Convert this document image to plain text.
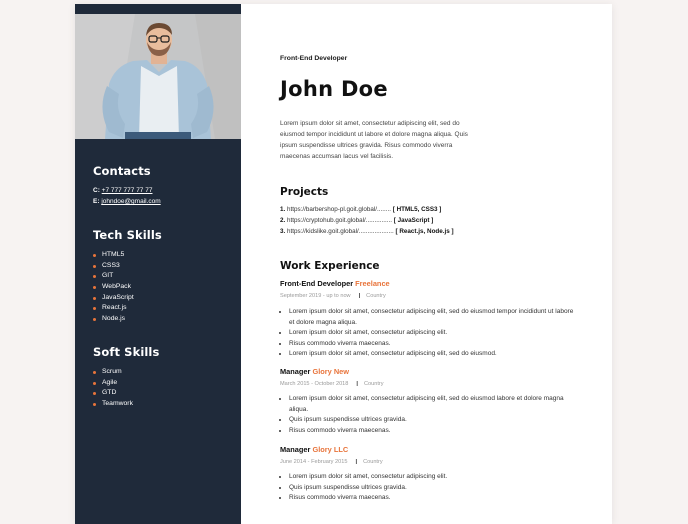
Contacts
C: +7 777 777 77 77
E: johndoe@gmail.com
Tech Skills
HTML5
CSS3
GIT
WebPack
JavaScript
React.js
Node.js
Soft Skills
Scrum
Agile
GTD
Teamwork
Front-End Developer
John Doe
Lorem ipsum dolor sit amet, consectetur adipiscing elit, sed do eiusmod tempor incididunt ut labore et dolore magna aliqua. Quis ipsum suspendisse ultrices gravida. Risus commodo viverra maecenas accumsan lacus vel facilisis.
Projects
1. https://barbershop-pl.goit.global/........ [ HTML5, CSS3 ]
2. https://cryptohub.goit.global/............... [ JavaScript ]
3. https://kidslike.goit.global/.................... [ React.js, Node.js ]
Work Experience
Front-End Developer Freelance
September 2019 - up to now | Country
• Lorem ipsum dolor sit amet, consectetur adipiscing elit, sed do eiusmod tempor incididunt ut labore et dolore magna aliqua.
• Lorem ipsum dolor sit amet, consectetur adipiscing elit.
• Risus commodo viverra maecenas.
• Lorem ipsum dolor sit amet, consectetur adipiscing elit, sed do eiusmod.
Manager Glory New
March 2015 - October 2018 | Country
• Lorem ipsum dolor sit amet, consectetur adipiscing elit, sed do eiusmod labore et dolore magna aliqua.
• Quis ipsum suspendisse ultrices gravida.
• Risus commodo viverra maecenas.
Manager Glory LLC
June 2014 - February 2015 | Country
• Lorem ipsum dolor sit amet, consectetur adipiscing elit.
• Quis ipsum suspendisse ultrices gravida.
• Risus commodo viverra maecenas.
